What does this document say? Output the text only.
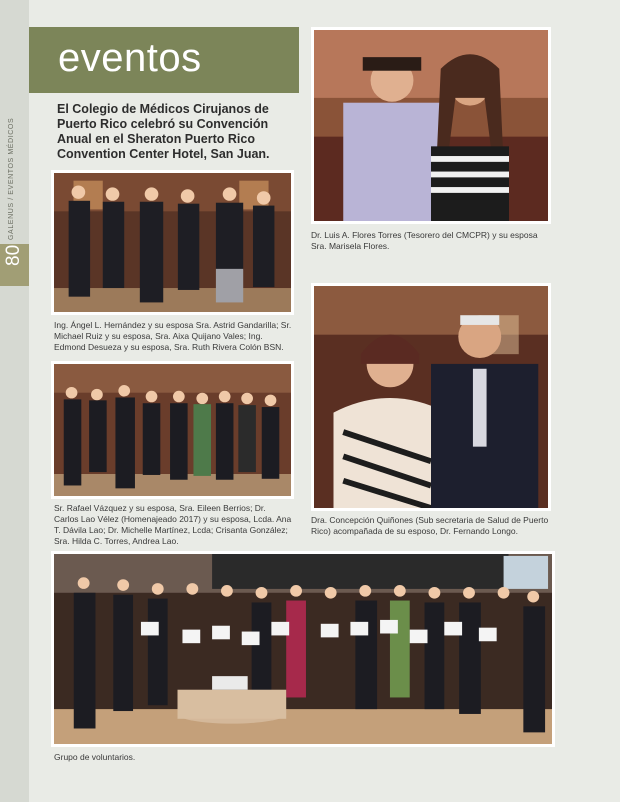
GALENUS / EVENTOS MÉDICOS
80
eventos
El Colegio de Médicos Cirujanos de Puerto Rico celebró su Convención Anual en el Sheraton Puerto Rico Convention Center Hotel, San Juan.
Ing. Ángel L. Hernández y su esposa Sra. Astrid Gandarilla; Sr. Michael Ruiz y su esposa, Sra. Aixa Quijano Vales; Ing. Edmond Desueza y su esposa, Sra. Ruth Rivera Colón BSN.
Sr. Rafael Vázquez y su esposa, Sra. Eileen Berrios; Dr. Carlos Lao Vélez (Homenajeado 2017) y su esposa, Lcda. Ana T. Dávila Lao; Dr. Michelle Martínez, Lcda; Crisanta González; Sra. Hilda C. Torres, Andrea Lao.
Dr. Luis A. Flores Torres (Tesorero del CMCPR) y su esposa Sra. Marisela Flores.
Dra. Concepción Quiñones (Sub secretaria de Salud de Puerto Rico) acompañada de su esposo, Dr. Fernando Longo.
Grupo de voluntarios.
